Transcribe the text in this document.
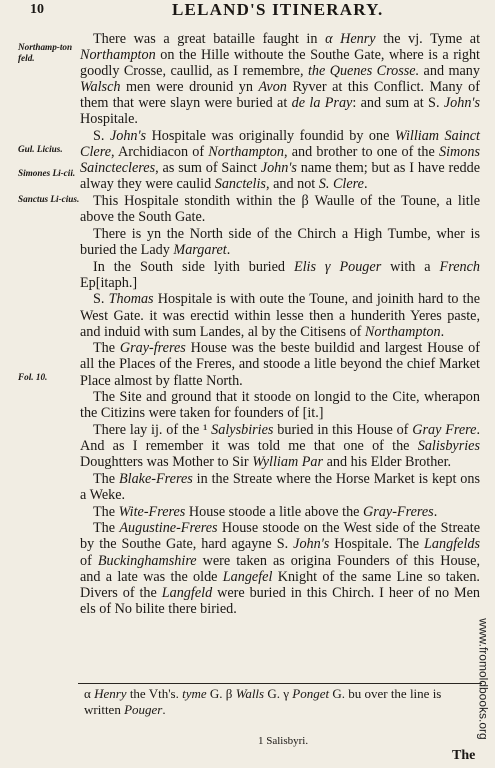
10	LELAND'S ITINERARY.
Northamp-ton feld.
Gul. Licius.
Simones Li-cii.
Sanctus Li-cius.
Fol. 10.

There was a great bataille faught in α Henry the vj. Tyme at Northampton on the Hille withoute the Southe Gate, where is a right goodly Crosse, caullid, as I remembre, the Quenes Crosse. and many Walsch men were drounid yn Avon Ryver at this Conflict. Many of them that were slayn were buried at de la Pray: and sum at S. John's Hospitale.

S. John's Hospitale was originally foundid by one William Sainct Clere, Archidiacon of Northampton, and brother to one of the Simons Sainctecleres, as sum of Sainct John's name them; but as I have redde alway they were caulid Sanctelis, and not S. Clere.

This Hospitale stondith within the β Waulle of the Toune, a litle above the South Gate.

There is yn the North side of the Chirch a High Tumbe, wher is buried the Lady Margaret.

In the South side lyith buried Elis γ Pouger with a French Ep[itaph.]

S. Thomas Hospitale is with oute the Toune, and joinith hard to the West Gate. it was erectid within lesse then a hunderith Yeres paste, and induid with sum Landes, al by the Citisens of Northampton.

The Gray-freres House was the beste buildid and largest House of all the Places of the Freres, and stoode a litle beyond the chief Market Place almost by flatte North.

The Site and ground that it stoode on longid to the Cite, wherapon the Citizins were taken for founders of [it.]

There lay ij. of the ¹ Salysbiries buried in this House of Gray Frere. And as I remember it was told me that one of the Salisbyries Doughtters was Mother to Sir Wylliam Par and his Elder Brother.

The Blake-Freres in the Streate where the Horse Market is kept ons a Weke.

The Wite-Freres House stoode a litle above the Gray-Freres.

The Augustine-Freres House stoode on the West side of the Streate by the Southe Gate, hard agayne S. John's Hospitale. The Langfelds of Buckinghamshire were taken as origina Founders of this House, and a late was the olde Langefel Knight of the same Line so taken. Divers of the Langfeld were buried in this Chirch. I heer of no Men els of No bilite there biried.

α Henry the Vth's. tyme G. β Walls G. γ Ponget G. bu over the line is written Pouger.
1 Salisbyri.
The
www.fromoldbooks.org
